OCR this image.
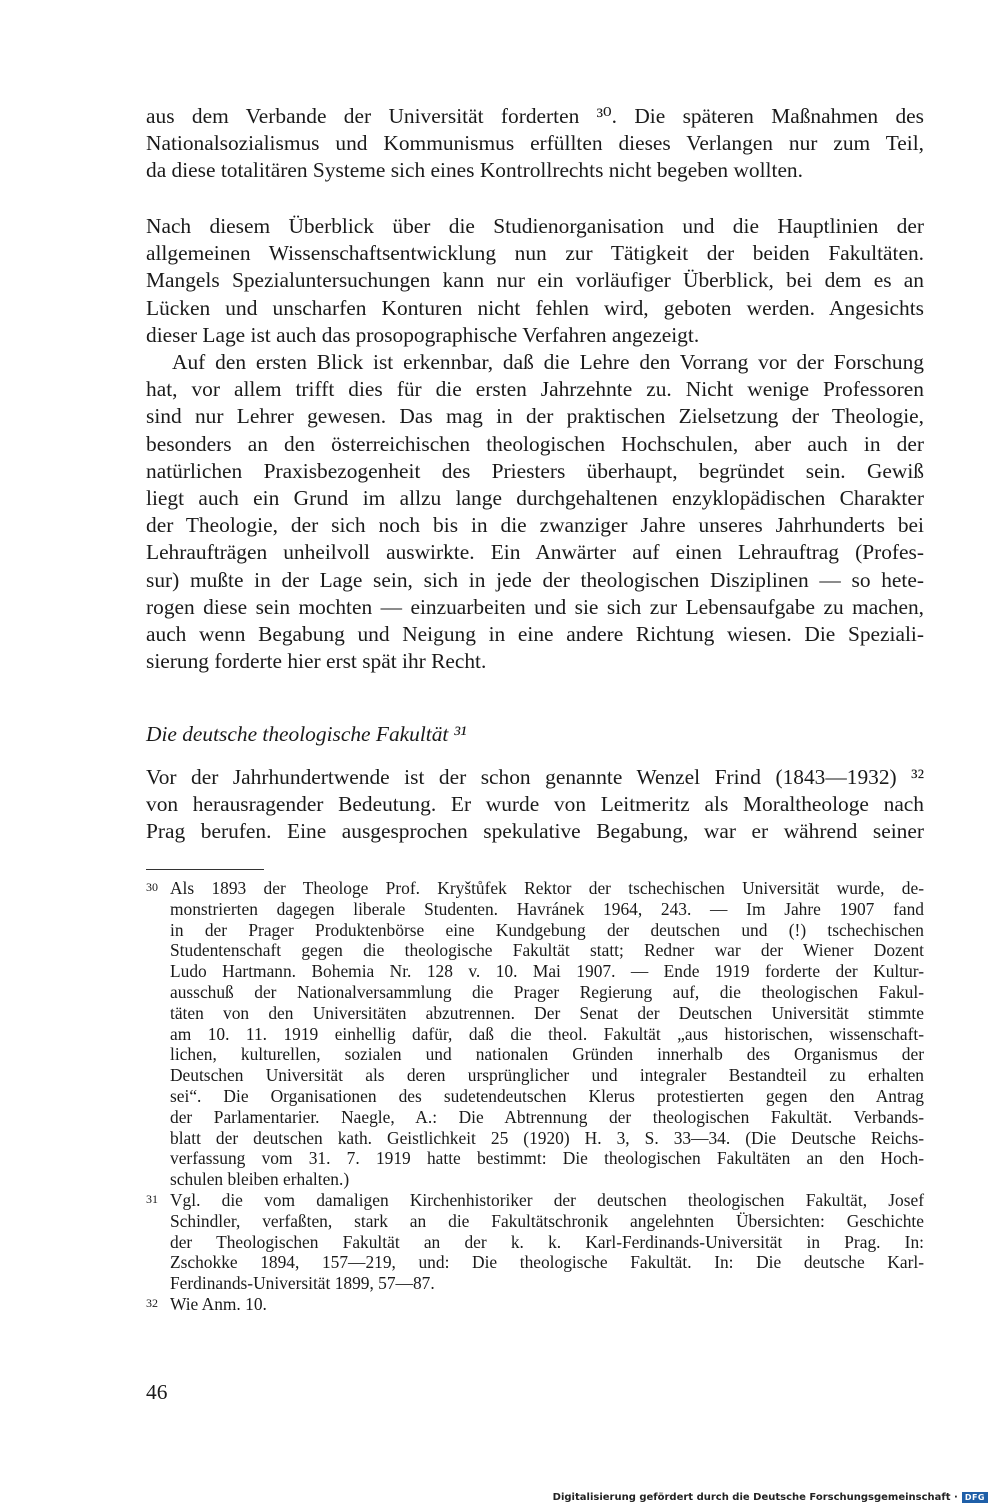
aus dem Verbande der Universität forderten ³⁰. Die späteren Maßnahmen des
Nationalsozialismus und Kommunismus erfüllten dieses Verlangen nur zum Teil,
da diese totalitären Systeme sich eines Kontrollrechts nicht begeben wollten.
Nach diesem Überblick über die Studienorganisation und die Hauptlinien der
allgemeinen Wissenschaftsentwicklung nun zur Tätigkeit der beiden Fakultäten.
Mangels Spezialuntersuchungen kann nur ein vorläufiger Überblick, bei dem es an
Lücken und unscharfen Konturen nicht fehlen wird, geboten werden. Angesichts
dieser Lage ist auch das prosopographische Verfahren angezeigt.
Auf den ersten Blick ist erkennbar, daß die Lehre den Vorrang vor der Forschung
hat, vor allem trifft dies für die ersten Jahrzehnte zu. Nicht wenige Professoren
sind nur Lehrer gewesen. Das mag in der praktischen Zielsetzung der Theologie,
besonders an den österreichischen theologischen Hochschulen, aber auch in der
natürlichen Praxisbezogenheit des Priesters überhaupt, begründet sein. Gewiß
liegt auch ein Grund im allzu lange durchgehaltenen enzyklopädischen Charakter
der Theologie, der sich noch bis in die zwanziger Jahre unseres Jahrhunderts bei
Lehraufträgen unheilvoll auswirkte. Ein Anwärter auf einen Lehrauftrag (Profes-
sur) mußte in der Lage sein, sich in jede der theologischen Disziplinen — so hete-
rogen diese sein mochten — einzuarbeiten und sie sich zur Lebensaufgabe zu machen,
auch wenn Begabung und Neigung in eine andere Richtung wiesen. Die Speziali-
sierung forderte hier erst spät ihr Recht.

Die deutsche theologische Fakultät ³¹

Vor der Jahrhundertwende ist der schon genannte Wenzel Frind (1843—1932) ³²
von herausragender Bedeutung. Er wurde von Leitmeritz als Moraltheologe nach
Prag berufen. Eine ausgesprochen spekulative Begabung, war er während seiner
30 Als 1893 der Theologe Prof. Kryštůfek Rektor der tschechischen Universität wurde, de-
monstrierten dagegen liberale Studenten. Havránek 1964, 243. — Im Jahre 1907 fand
in der Prager Produktenbörse eine Kundgebung der deutschen und (!) tschechischen
Studentenschaft gegen die theologische Fakultät statt; Redner war der Wiener Dozent
Ludo Hartmann. Bohemia Nr. 128 v. 10. Mai 1907. — Ende 1919 forderte der Kultur-
ausschuß der Nationalversammlung die Prager Regierung auf, die theologischen Fakul-
täten von den Universitäten abzutrennen. Der Senat der Deutschen Universität stimmte
am 10. 11. 1919 einhellig dafür, daß die theol. Fakultät „aus historischen, wissenschaft-
lichen, kulturellen, sozialen und nationalen Gründen innerhalb des Organismus der
Deutschen Universität als deren ursprünglicher und integraler Bestandteil zu erhalten
sei“. Die Organisationen des sudetendeutschen Klerus protestierten gegen den Antrag
der Parlamentarier. Naegle, A.: Die Abtrennung der theologischen Fakultät. Verbands-
blatt der deutschen kath. Geistlichkeit 25 (1920) H. 3, S. 33—34. (Die Deutsche Reichs-
verfassung vom 31. 7. 1919 hatte bestimmt: Die theologischen Fakultäten an den Hoch-
schulen bleiben erhalten.)
31 Vgl. die vom damaligen Kirchenhistoriker der deutschen theologischen Fakultät, Josef
Schindler, verfaßten, stark an die Fakultätschronik angelehnten Übersichten: Geschichte
der Theologischen Fakultät an der k. k. Karl-Ferdinands-Universität in Prag. In:
Zschokke 1894, 157—219, und: Die theologische Fakultät. In: Die deutsche Karl-
Ferdinands-Universität 1899, 57—87.
32 Wie Anm. 10.

46

Digitalisierung gefördert durch die Deutsche Forschungsgemeinschaft · DFG
